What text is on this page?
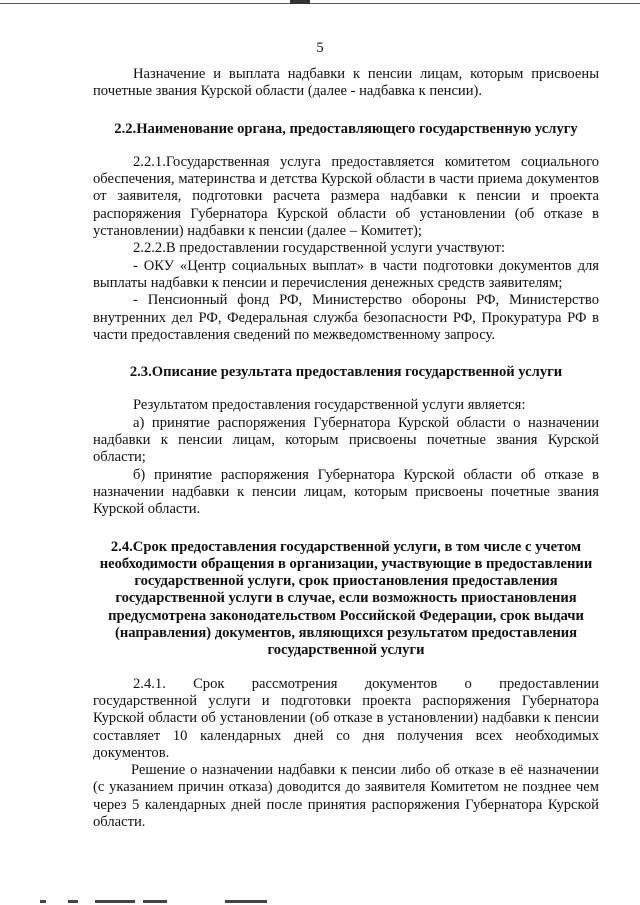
5

Назначение и выплата надбавки к пенсии лицам, которым присвоены почетные звания Курской области (далее - надбавка к пенсии).

2.2.Наименование органа, предоставляющего государственную услугу

2.2.1.Государственная услуга предоставляется комитетом социального обеспечения, материнства и детства Курской области в части приема документов от заявителя, подготовки расчета размера надбавки к пенсии и проекта распоряжения Губернатора Курской области об установлении (об отказе в установлении) надбавки к пенсии (далее – Комитет);

2.2.2.В предоставлении государственной услуги участвуют:

- ОКУ «Центр социальных выплат» в части подготовки документов для выплаты надбавки к пенсии и перечисления денежных средств заявителям;

- Пенсионный фонд РФ, Министерство обороны РФ, Министерство внутренних дел РФ, Федеральная служба безопасности РФ, Прокуратура РФ в части предоставления сведений по межведомственному запросу.

2.3.Описание результата предоставления государственной услуги

Результатом предоставления государственной услуги является:

а) принятие распоряжения Губернатора Курской области о назначении надбавки к пенсии лицам, которым присвоены почетные звания Курской области;

б) принятие распоряжения Губернатора Курской области об отказе в назначении надбавки к пенсии лицам, которым присвоены почетные звания Курской области.

2.4.Срок предоставления государственной услуги, в том числе с учетом необходимости обращения в организации, участвующие в предоставлении государственной услуги, срок приостановления предоставления государственной услуги в случае, если возможность приостановления предусмотрена законодательством Российской Федерации, срок выдачи (направления) документов, являющихся результатом предоставления государственной услуги
2.4.1. Срок рассмотрения документов о предоставлении

государственной услуги и подготовки проекта распоряжения Губернатора Курской области об установлении (об отказе в установлении) надбавки к пенсии составляет 10 календарных дней со дня получения всех необходимых документов.

Решение о назначении надбавки к пенсии либо об отказе в её назначении (с указанием причин отказа) доводится до заявителя Комитетом не позднее чем через 5 календарных дней после принятия распоряжения Губернатора Курской области.
